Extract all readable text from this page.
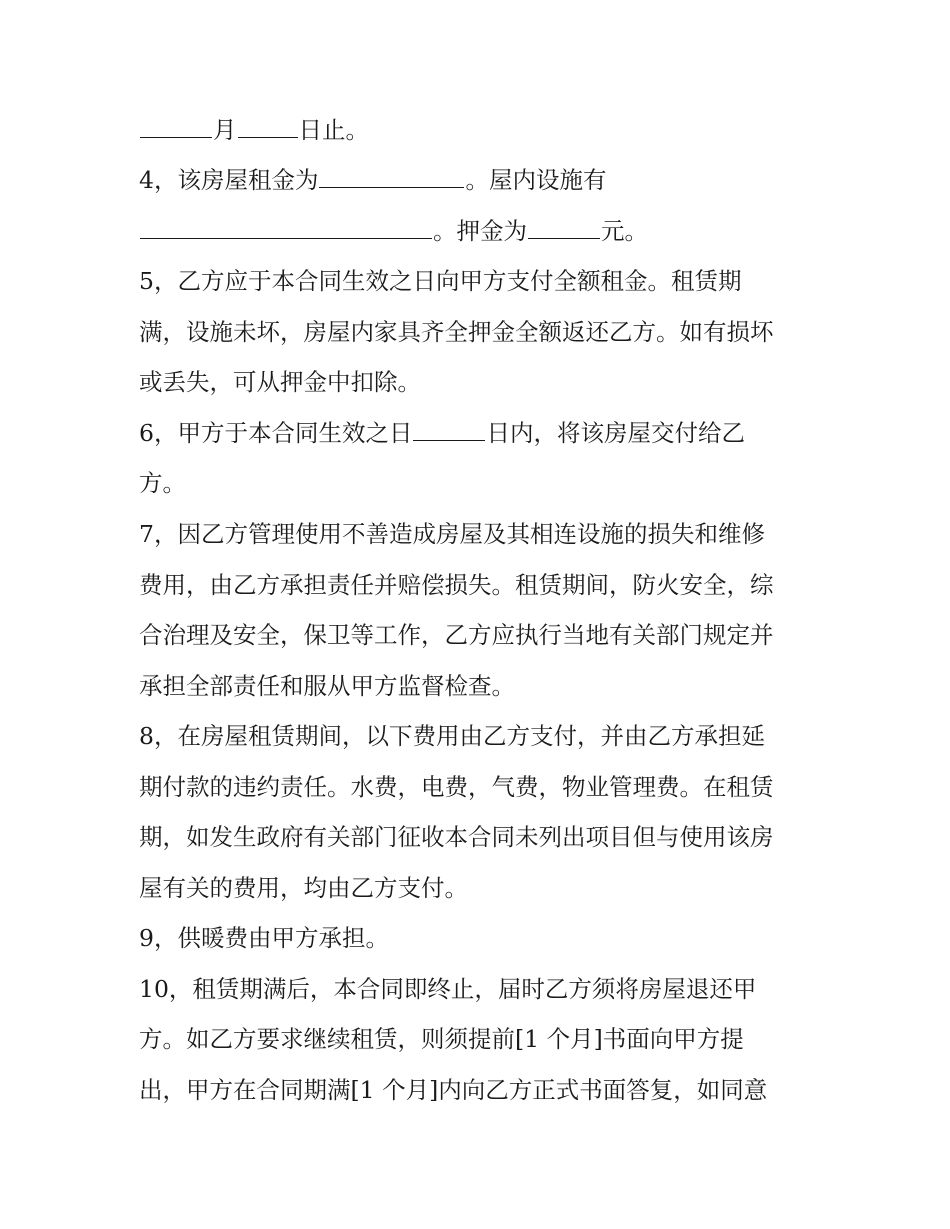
月	日止。
4，该房屋租金为	。屋内设施有
。押金为	元。
5，乙方应于本合同生效之日向甲方支付全额租金。租赁期
满，设施未坏，房屋内家具齐全押金全额返还乙方。如有损坏
或丢失，可从押金中扣除。
6，甲方于本合同生效之日	日内，将该房屋交付给乙
方。
7，因乙方管理使用不善造成房屋及其相连设施的损失和维修
费用，由乙方承担责任并赔偿损失。租赁期间，防火安全，综
合治理及安全，保卫等工作，乙方应执行当地有关部门规定并
承担全部责任和服从甲方监督检查。
8，在房屋租赁期间，以下费用由乙方支付，并由乙方承担延
期付款的违约责任。水费，电费，气费，物业管理费。在租赁
期，如发生政府有关部门征收本合同未列出项目但与使用该房
屋有关的费用，均由乙方支付。
9，供暖费由甲方承担。
10，租赁期满后，本合同即终止，届时乙方须将房屋退还甲
方。如乙方要求继续租赁，则须提前[1 个月]书面向甲方提
出，甲方在合同期满[1 个月]内向乙方正式书面答复，如同意
